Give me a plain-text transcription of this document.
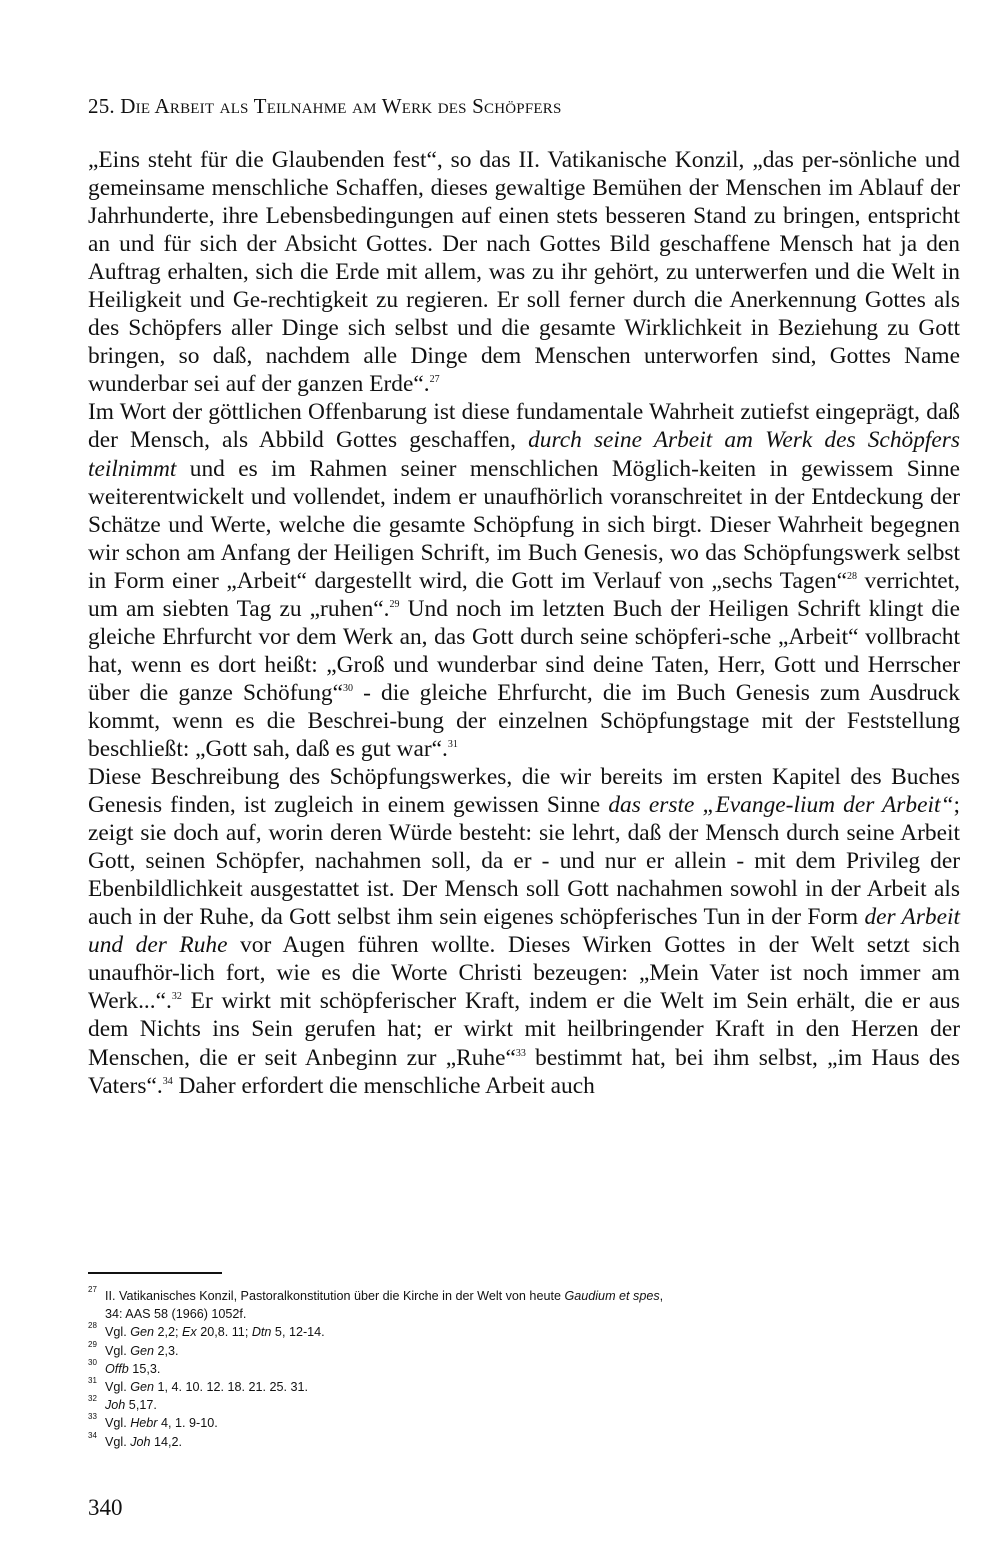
25. Die Arbeit als Teilnahme am Werk des Schöpfers

„Eins steht für die Glaubenden fest“, so das II. Vatikanische Konzil, „das per-sönliche und gemeinsame menschliche Schaffen, dieses gewaltige Bemühen der Menschen im Ablauf der Jahrhunderte, ihre Lebensbedingungen auf einen stets besseren Stand zu bringen, entspricht an und für sich der Absicht Gottes. Der nach Gottes Bild geschaffene Mensch hat ja den Auftrag erhalten, sich die Erde mit allem, was zu ihr gehört, zu unterwerfen und die Welt in Heiligkeit und Ge-rechtigkeit zu regieren. Er soll ferner durch die Anerkennung Gottes als des Schöpfers aller Dinge sich selbst und die gesamte Wirklichkeit in Beziehung zu Gott bringen, so daß, nachdem alle Dinge dem Menschen unterworfen sind, Gottes Name wunderbar sei auf der ganzen Erde“.$^{27}$

Im Wort der göttlichen Offenbarung ist diese fundamentale Wahrheit zutiefst eingeprägt, daß der Mensch, als Abbild Gottes geschaffen, durch seine Arbeit am Werk des Schöpfers teilnimmt und es im Rahmen seiner menschlichen Möglich-keiten in gewissem Sinne weiterentwickelt und vollendet, indem er unaufhörlich voranschreitet in der Entdeckung der Schätze und Werte, welche die gesamte Schöpfung in sich birgt. Dieser Wahrheit begegnen wir schon am Anfang der Heiligen Schrift, im Buch Genesis, wo das Schöpfungswerk selbst in Form einer „Arbeit“ dargestellt wird, die Gott im Verlauf von „sechs Tagen“$^{28}$ verrichtet, um am siebten Tag zu „ruhen“.$^{29}$ Und noch im letzten Buch der Heiligen Schrift klingt die gleiche Ehrfurcht vor dem Werk an, das Gott durch seine schöpferi-sche „Arbeit“ vollbracht hat, wenn es dort heißt: „Groß und wunderbar sind deine Taten, Herr, Gott und Herrscher über die ganze Schöfung“$^{30}$ - die gleiche Ehrfurcht, die im Buch Genesis zum Ausdruck kommt, wenn es die Beschrei-bung der einzelnen Schöpfungstage mit der Feststellung beschließt: „Gott sah, daß es gut war“.$^{31}$

Diese Beschreibung des Schöpfungswerkes, die wir bereits im ersten Kapitel des Buches Genesis finden, ist zugleich in einem gewissen Sinne das erste „Evange-lium der Arbeit“; zeigt sie doch auf, worin deren Würde besteht: sie lehrt, daß der Mensch durch seine Arbeit Gott, seinen Schöpfer, nachahmen soll, da er - und nur er allein - mit dem Privileg der Ebenbildlichkeit ausgestattet ist. Der Mensch soll Gott nachahmen sowohl in der Arbeit als auch in der Ruhe, da Gott selbst ihm sein eigenes schöpferisches Tun in der Form der Arbeit und der Ruhe vor Augen führen wollte. Dieses Wirken Gottes in der Welt setzt sich unaufhör-lich fort, wie es die Worte Christi bezeugen: „Mein Vater ist noch immer am Werk...“.$^{32}$ Er wirkt mit schöpferischer Kraft, indem er die Welt im Sein erhält, die er aus dem Nichts ins Sein gerufen hat; er wirkt mit heilbringender Kraft in den Herzen der Menschen, die er seit Anbeginn zur „Ruhe“$^{33}$ bestimmt hat, bei ihm selbst, „im Haus des Vaters“.$^{34}$ Daher erfordert die menschliche Arbeit auch

27 II. Vatikanisches Konzil, Pastoralkonstitution über die Kirche in der Welt von heute Gaudium et spes,
34: AAS 58 (1966) 1052f.
28 Vgl. Gen 2,2; Ex 20,8. 11; Dtn 5, 12-14.
29 Vgl. Gen 2,3.
30 Offb 15,3.
31 Vgl. Gen 1, 4. 10. 12. 18. 21. 25. 31.
32 Joh 5,17.
33 Vgl. Hebr 4, 1. 9-10.
34 Vgl. Joh 14,2.
340
